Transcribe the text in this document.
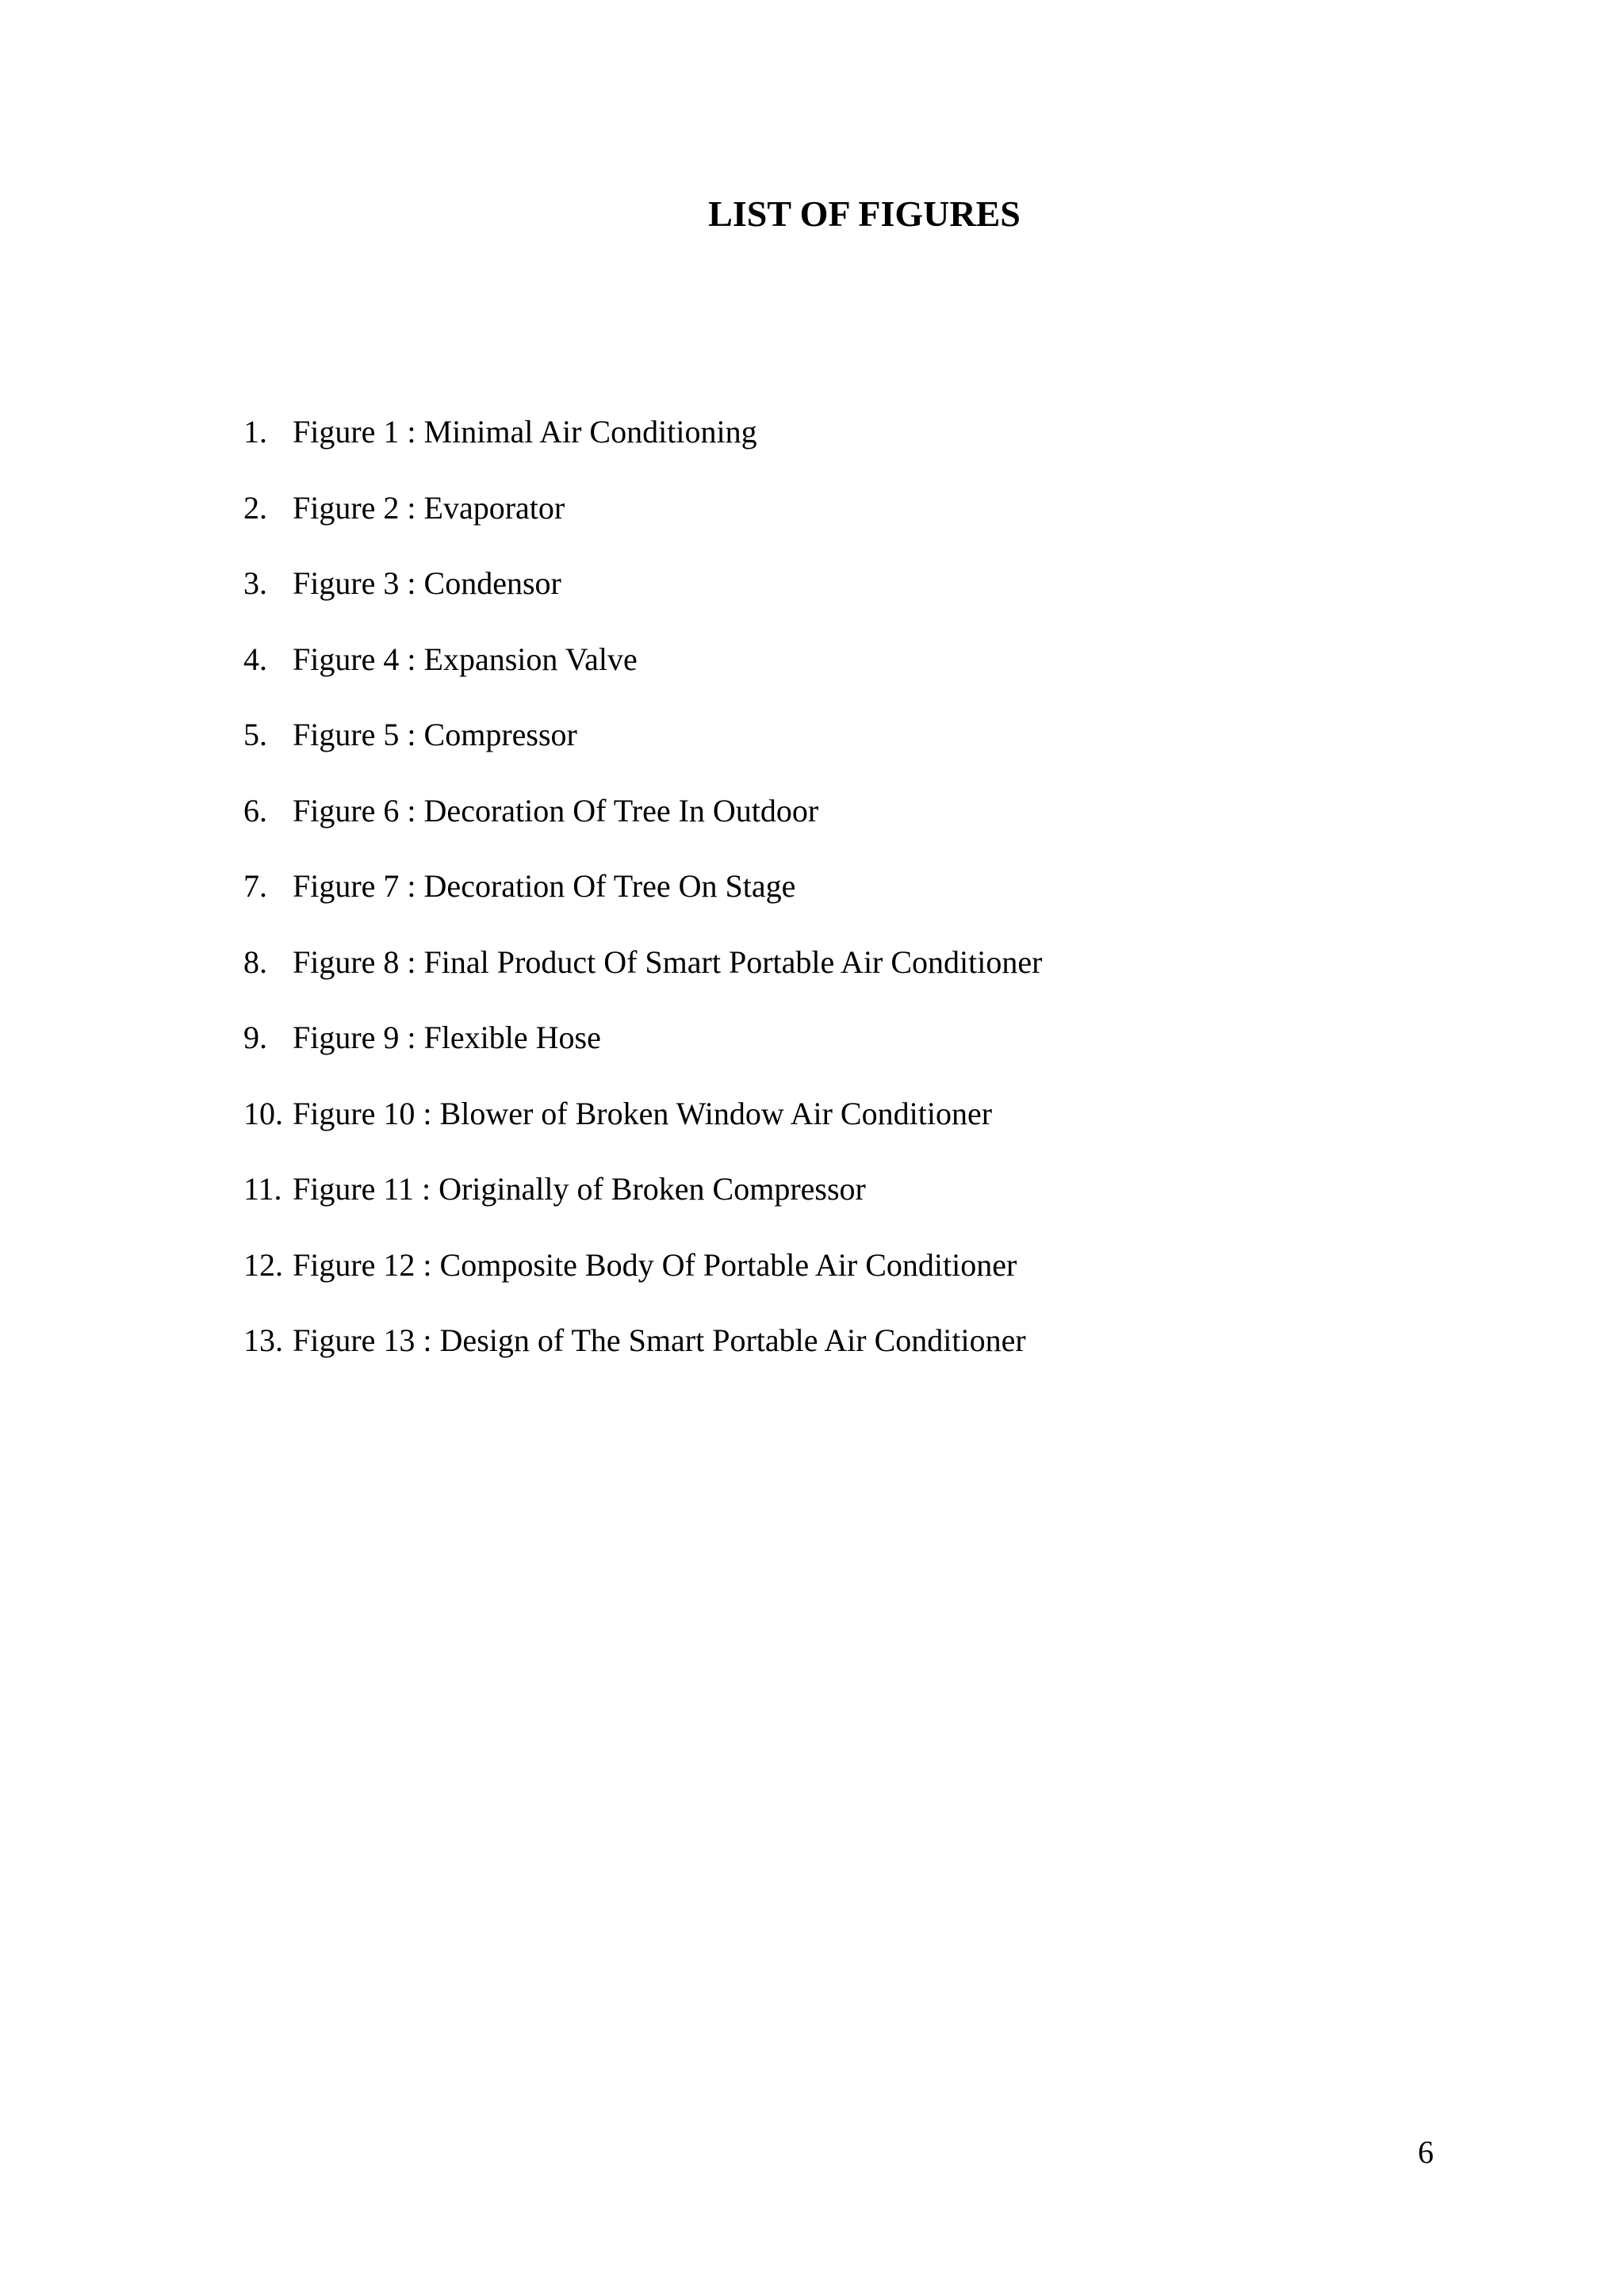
LIST OF FIGURES
1. Figure 1 : Minimal Air Conditioning
2. Figure 2 : Evaporator
3. Figure 3 : Condensor
4. Figure 4 : Expansion Valve
5. Figure 5 : Compressor
6. Figure 6 : Decoration Of Tree In Outdoor
7. Figure 7 : Decoration Of Tree On Stage
8. Figure 8 : Final Product Of Smart Portable Air Conditioner
9. Figure 9 : Flexible Hose
10. Figure 10 : Blower of Broken Window Air Conditioner
11. Figure 11 : Originally of Broken Compressor
12. Figure 12 : Composite Body Of Portable Air Conditioner
13. Figure 13 : Design of The Smart Portable Air Conditioner
6
